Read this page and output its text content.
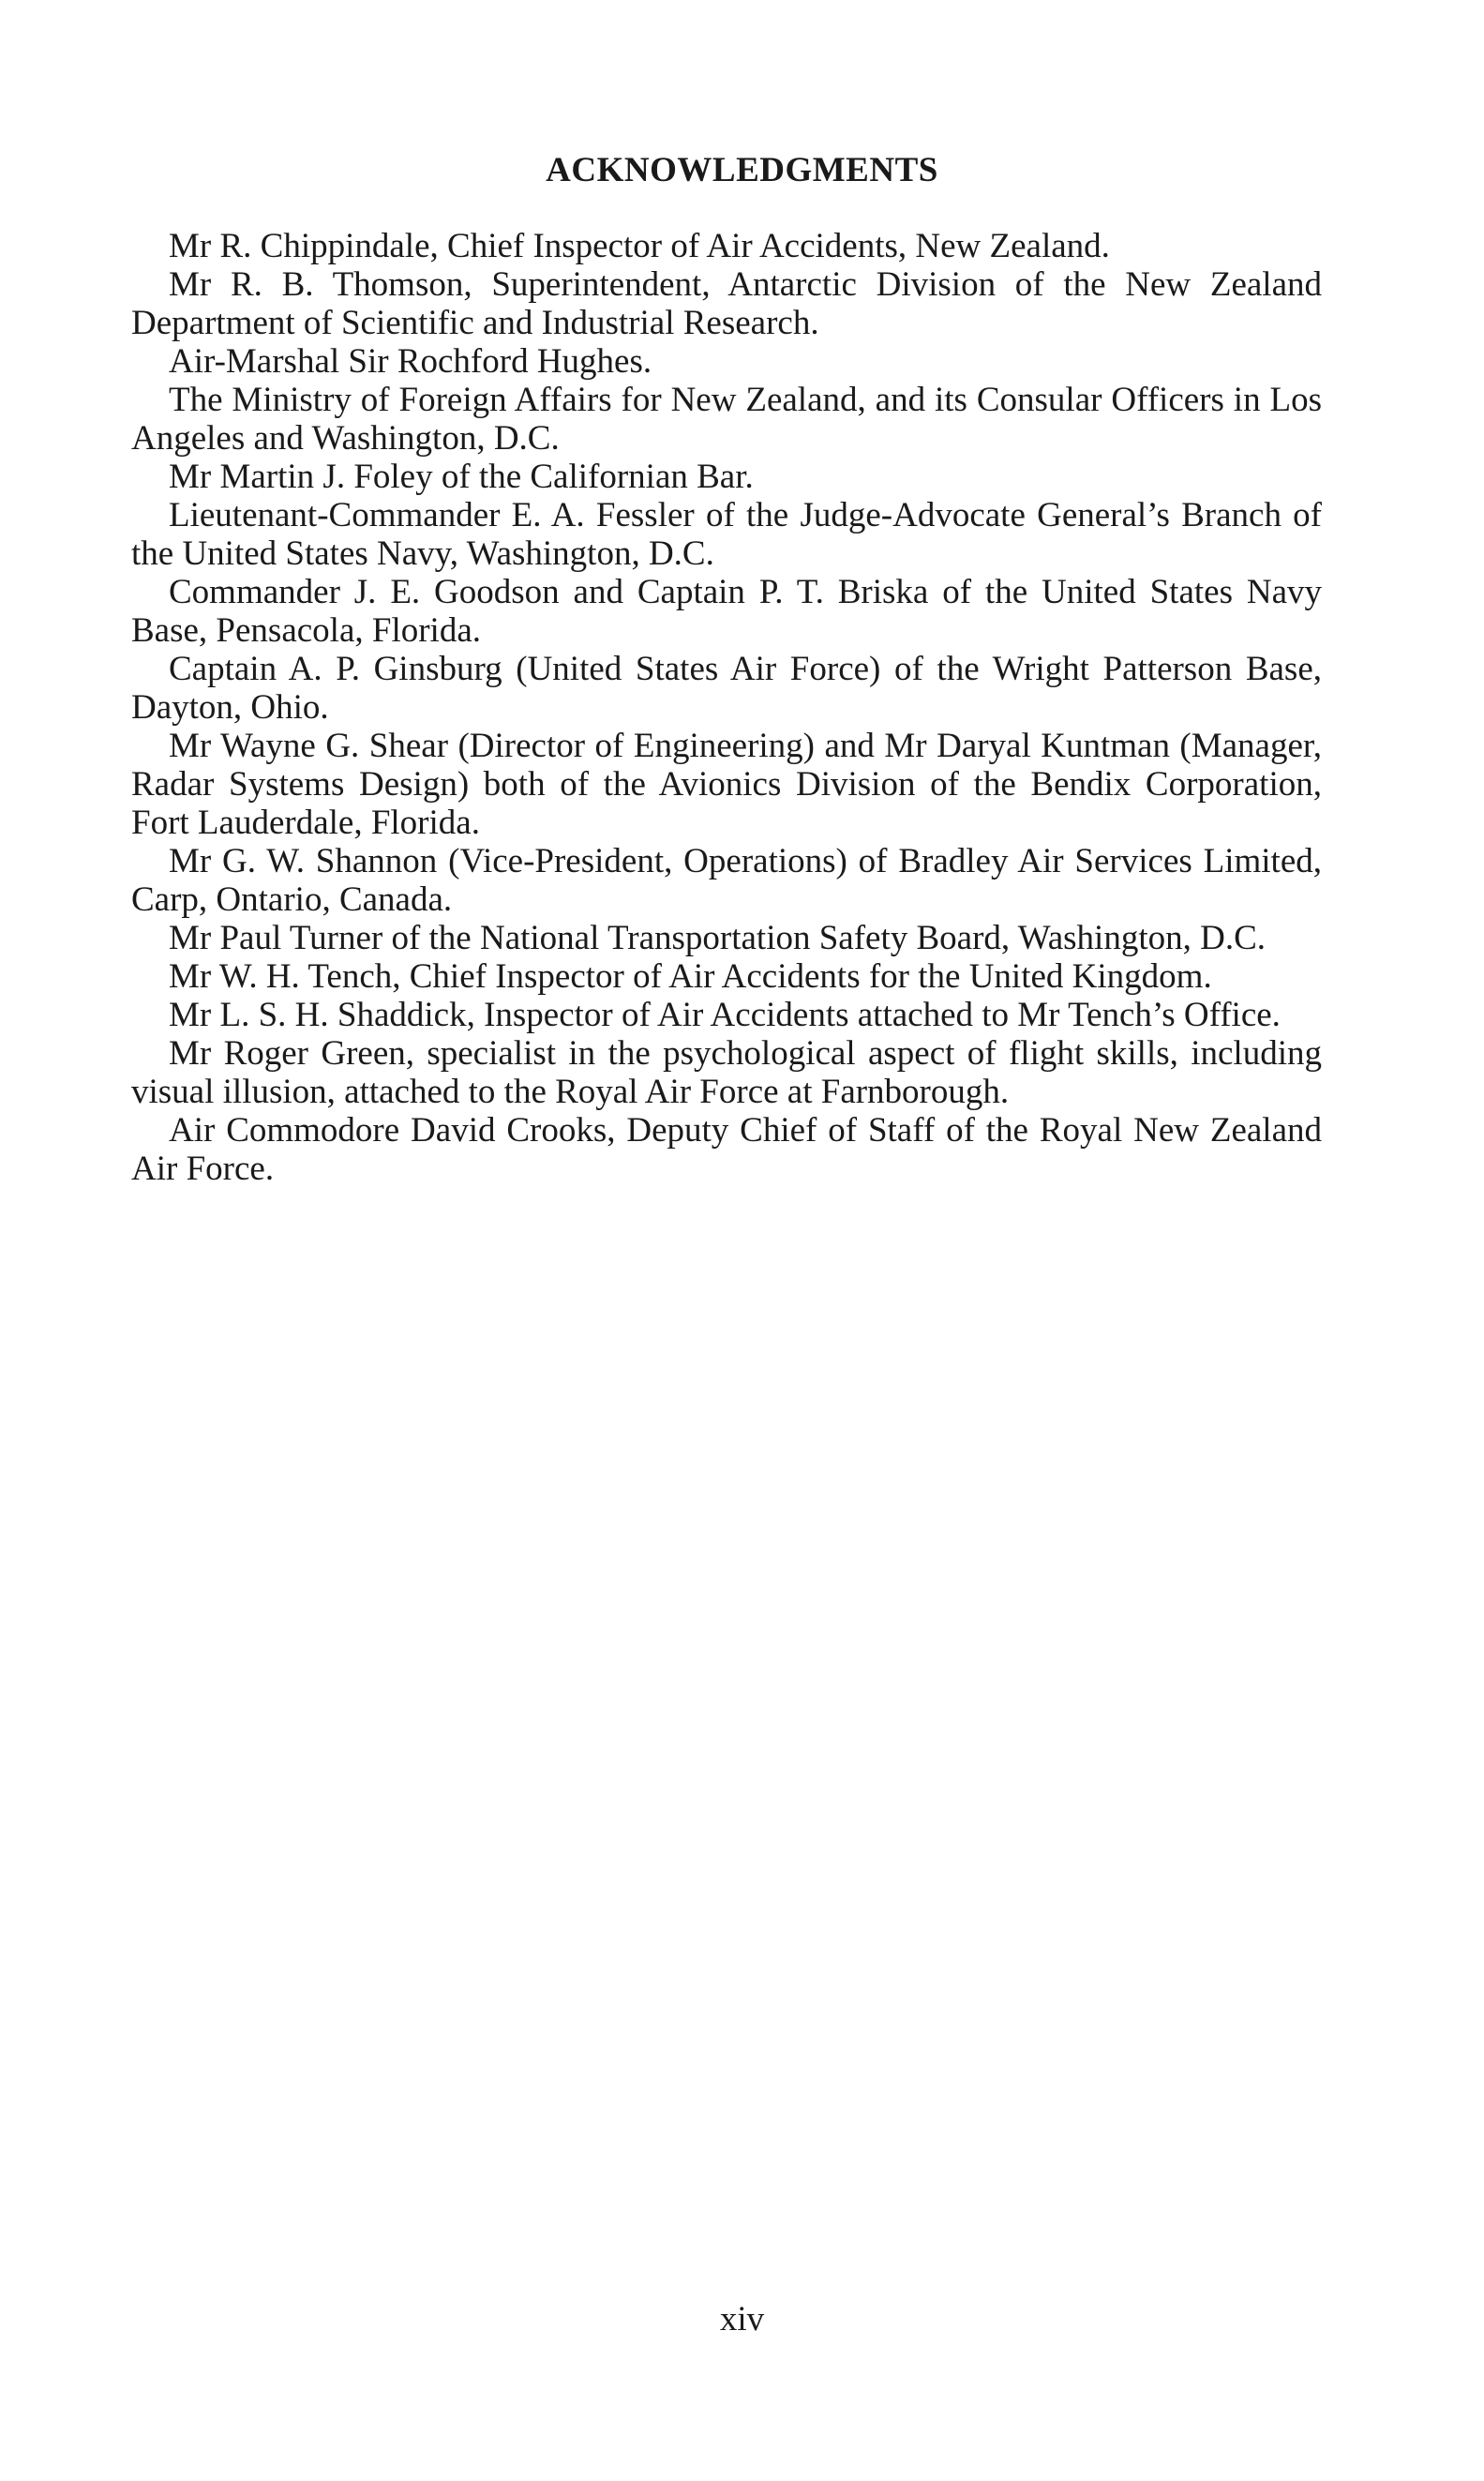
ACKNOWLEDGMENTS

Mr R. Chippindale, Chief Inspector of Air Accidents, New Zealand.

Mr R. B. Thomson, Superintendent, Antarctic Division of the New Zealand Department of Scientific and Industrial Research.

Air-Marshal Sir Rochford Hughes.

The Ministry of Foreign Affairs for New Zealand, and its Consular Officers in Los Angeles and Washington, D.C.

Mr Martin J. Foley of the Californian Bar.

Lieutenant-Commander E. A. Fessler of the Judge-Advocate General’s Branch of the United States Navy, Washington, D.C.

Commander J. E. Goodson and Captain P. T. Briska of the United States Navy Base, Pensacola, Florida.

Captain A. P. Ginsburg (United States Air Force) of the Wright Patterson Base, Dayton, Ohio.

Mr Wayne G. Shear (Director of Engineering) and Mr Daryal Kuntman (Manager, Radar Systems Design) both of the Avionics Division of the Bendix Corporation, Fort Lauderdale, Florida.

Mr G. W. Shannon (Vice-President, Operations) of Bradley Air Services Limited, Carp, Ontario, Canada.

Mr Paul Turner of the National Transportation Safety Board, Washington, D.C.

Mr W. H. Tench, Chief Inspector of Air Accidents for the United Kingdom.

Mr L. S. H. Shaddick, Inspector of Air Accidents attached to Mr Tench’s Office.

Mr Roger Green, specialist in the psychological aspect of flight skills, including visual illusion, attached to the Royal Air Force at Farnborough.

Air Commodore David Crooks, Deputy Chief of Staff of the Royal New Zealand Air Force.

xiv
